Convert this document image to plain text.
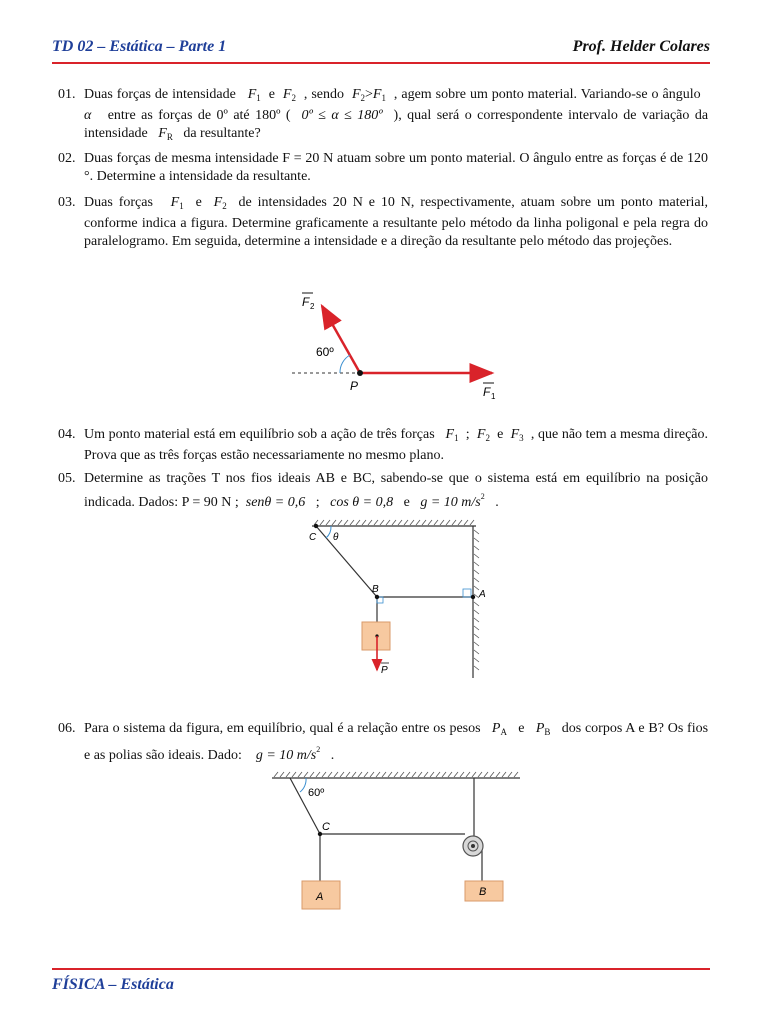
TD 02 – Estática – Parte 1	Prof. Helder Colares
01. Duas forças de intensidade $F_1$ e $F_2$ , sendo $F_2>F_1$ , agem sobre um ponto material. Variando-se o ângulo   α entre as forças de 0º até 180º ( 0º ≤ α ≤ 180º ), qual será o correspondente intervalo de variação da intensidade $F_R$ da resultante?
02. Duas forças de mesma intensidade F = 20 N atuam sobre um ponto material. O ângulo entre as forças é de 120 °. Determine a intensidade da resultante.
03. Duas forças $F_1$ e $F_2$ de intensidades 20 N e 10 N, respectivamente, atuam sobre um ponto material, conforme indica a figura. Determine graficamente a resultante pelo método da linha poligonal e pela regra do paralelogramo. Em seguida, determine a intensidade e a direção da resultante pelo método das projeções.
60º
P
F 2
F 1
04. Um ponto material está em equilíbrio sob a ação de três forças $F_1$ ; $F_2$ e $F_3$ , que não tem a mesma direção. Prova que as três forças estão necessariamente no mesmo plano.
05. Determine as trações T nos fios ideais AB e BC, sabendo-se que o sistema está em equilíbrio na posição indicada. Dados: P = 90 N ; senθ = 0,6 ; cos θ = 0,8 e g = 10 $m/s^2$ .
C θ
B	A
P
06. Para o sistema da figura, em equilíbrio, qual é a relação entre os pesos $P_A$ e $P_B$ dos corpos A e B? Os fios e as polias são ideais. Dado: g = 10 $m/s^2$ .
60º
C
A	B
FÍSICA – Estática
